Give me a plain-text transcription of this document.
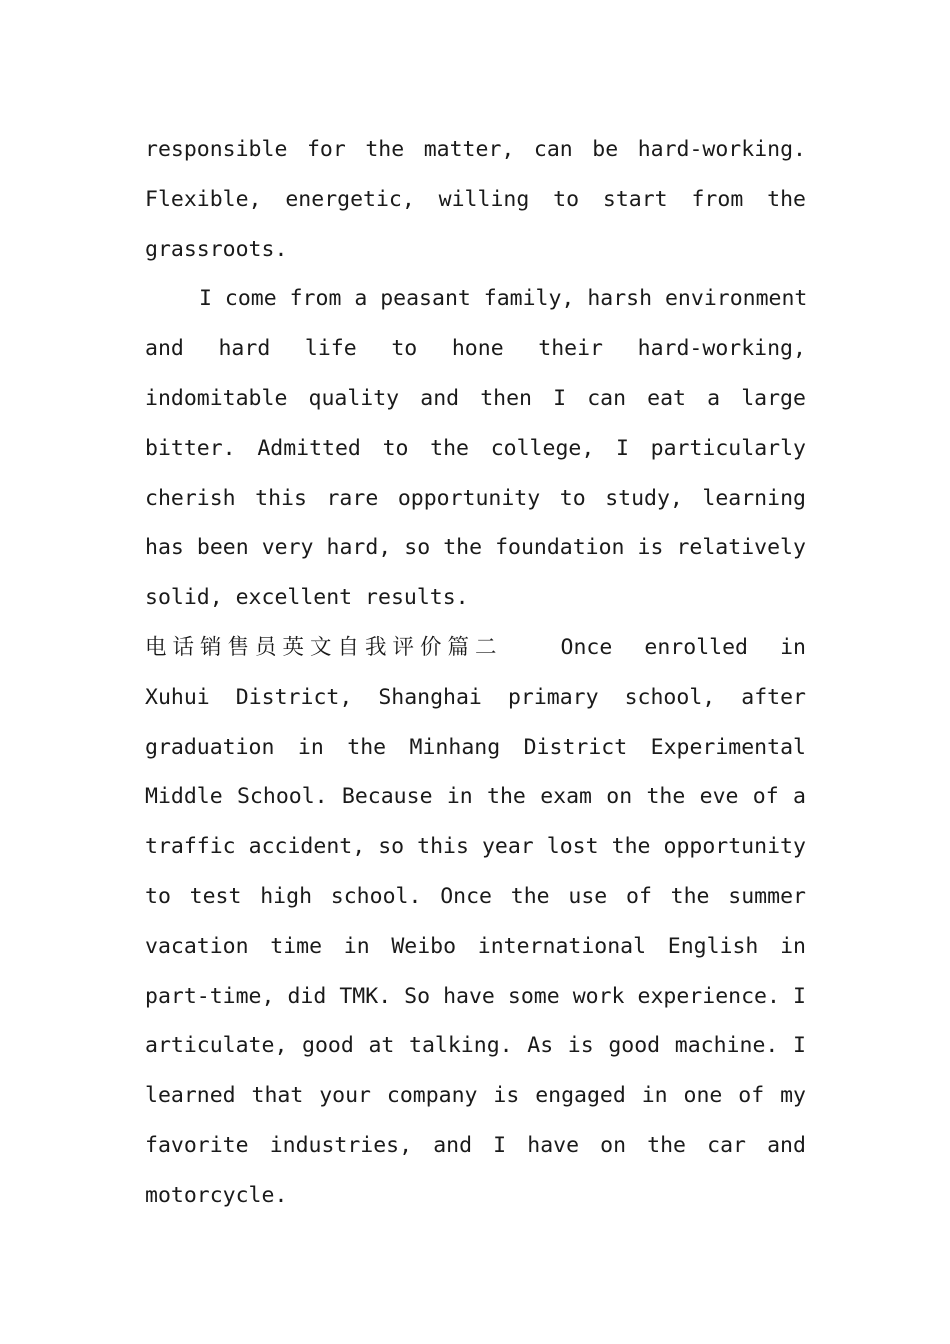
responsible for the matter, can be hard-working.
Flexible, energetic, willing to start from the
grassroots.
I come from a peasant family, harsh environment
and hard life to hone their hard-working,
indomitable quality and then I can eat a large
bitter. Admitted to the college, I particularly
cherish this rare opportunity to study, learning
has been very hard, so the foundation is relatively
solid, excellent results.
电话销售员英文自我评价篇二	Once enrolled in
Xuhui District, Shanghai primary school, after
graduation in the Minhang District Experimental
Middle School. Because in the exam on the eve of a
traffic accident, so this year lost the opportunity
to test high school. Once the use of the summer
vacation time in Weibo international English in
part-time, did TMK. So have some work experience. I
articulate, good at talking. As is good machine. I
learned that your company is engaged in one of my
favorite industries, and I have on the car and
motorcycle.
